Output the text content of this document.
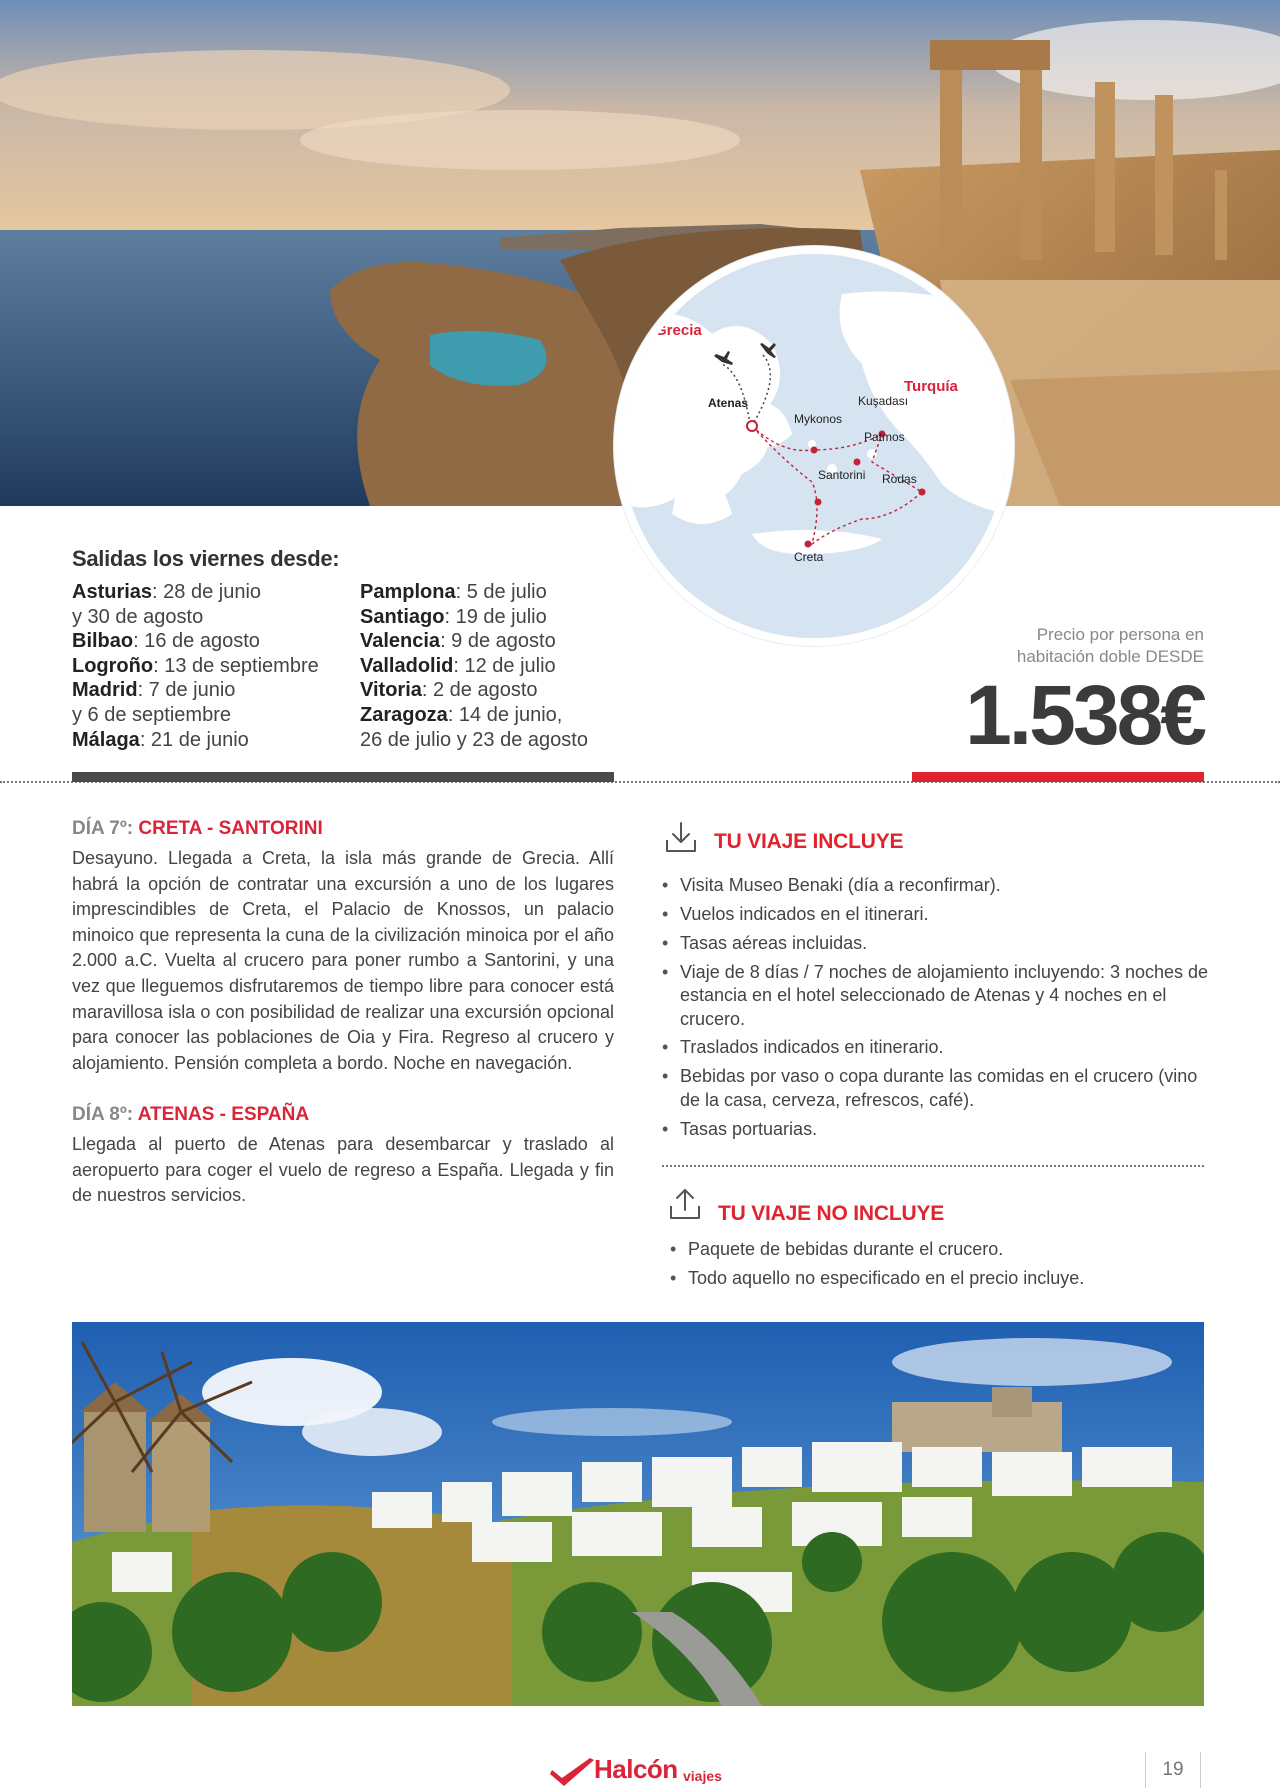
Grecia
Turquía
Atenas
Mykonos
Kuşadası
Patmos
Santorini Rodas
Creta
Salidas los viernes desde:
Asturias: 28 de junio
y 30 de agosto
Bilbao: 16 de agosto
Logroño: 13 de septiembre
Madrid: 7 de junio
y 6 de septiembre
Málaga: 21 de junio
Pamplona: 5 de julio
Santiago: 19 de julio
Valencia: 9 de agosto
Valladolid: 12 de julio
Vitoria: 2 de agosto
Zaragoza: 14 de junio,
26 de julio y 23 de agosto
Precio por persona en
habitación doble DESDE
1.538€
DÍA 7º: CRETA - SANTORINI
Desayuno. Llegada a Creta, la isla más grande de Grecia. Allí habrá la opción de contratar una excursión a uno de los lugares imprescindibles de Creta, el Palacio de Knossos, un palacio minoico que representa la cuna de la civilización minoica por el año 2.000 a.C. Vuelta al crucero para poner rumbo a Santorini, y una vez que lleguemos disfrutaremos de tiempo libre para conocer está maravillosa isla o con posibilidad de realizar una excursión opcional para conocer las poblaciones de Oia y Fira. Regreso al crucero y alojamiento. Pensión completa a bordo. Noche en navegación.
DÍA 8º: ATENAS - ESPAÑA
Llegada al puerto de Atenas para desembarcar y traslado al aeropuerto para coger el vuelo de regreso a España. Llegada y fin de nuestros servicios.
TU VIAJE INCLUYE
• Visita Museo Benaki (día a reconfirmar).
• Vuelos indicados en el itinerari.
• Tasas aéreas incluidas.
• Viaje de 8 días / 7 noches de alojamiento incluyendo: 3 noches de estancia en el hotel seleccionado de Atenas y 4 noches en el crucero.
• Traslados indicados en itinerario.
• Bebidas por vaso o copa durante las comidas en el crucero (vino de la casa, cerveza, refrescos, café).
• Tasas portuarias.
TU VIAJE NO INCLUYE
• Paquete de bebidas durante el crucero.
• Todo aquello no especificado en el precio incluye.
Halcón viajes	19
